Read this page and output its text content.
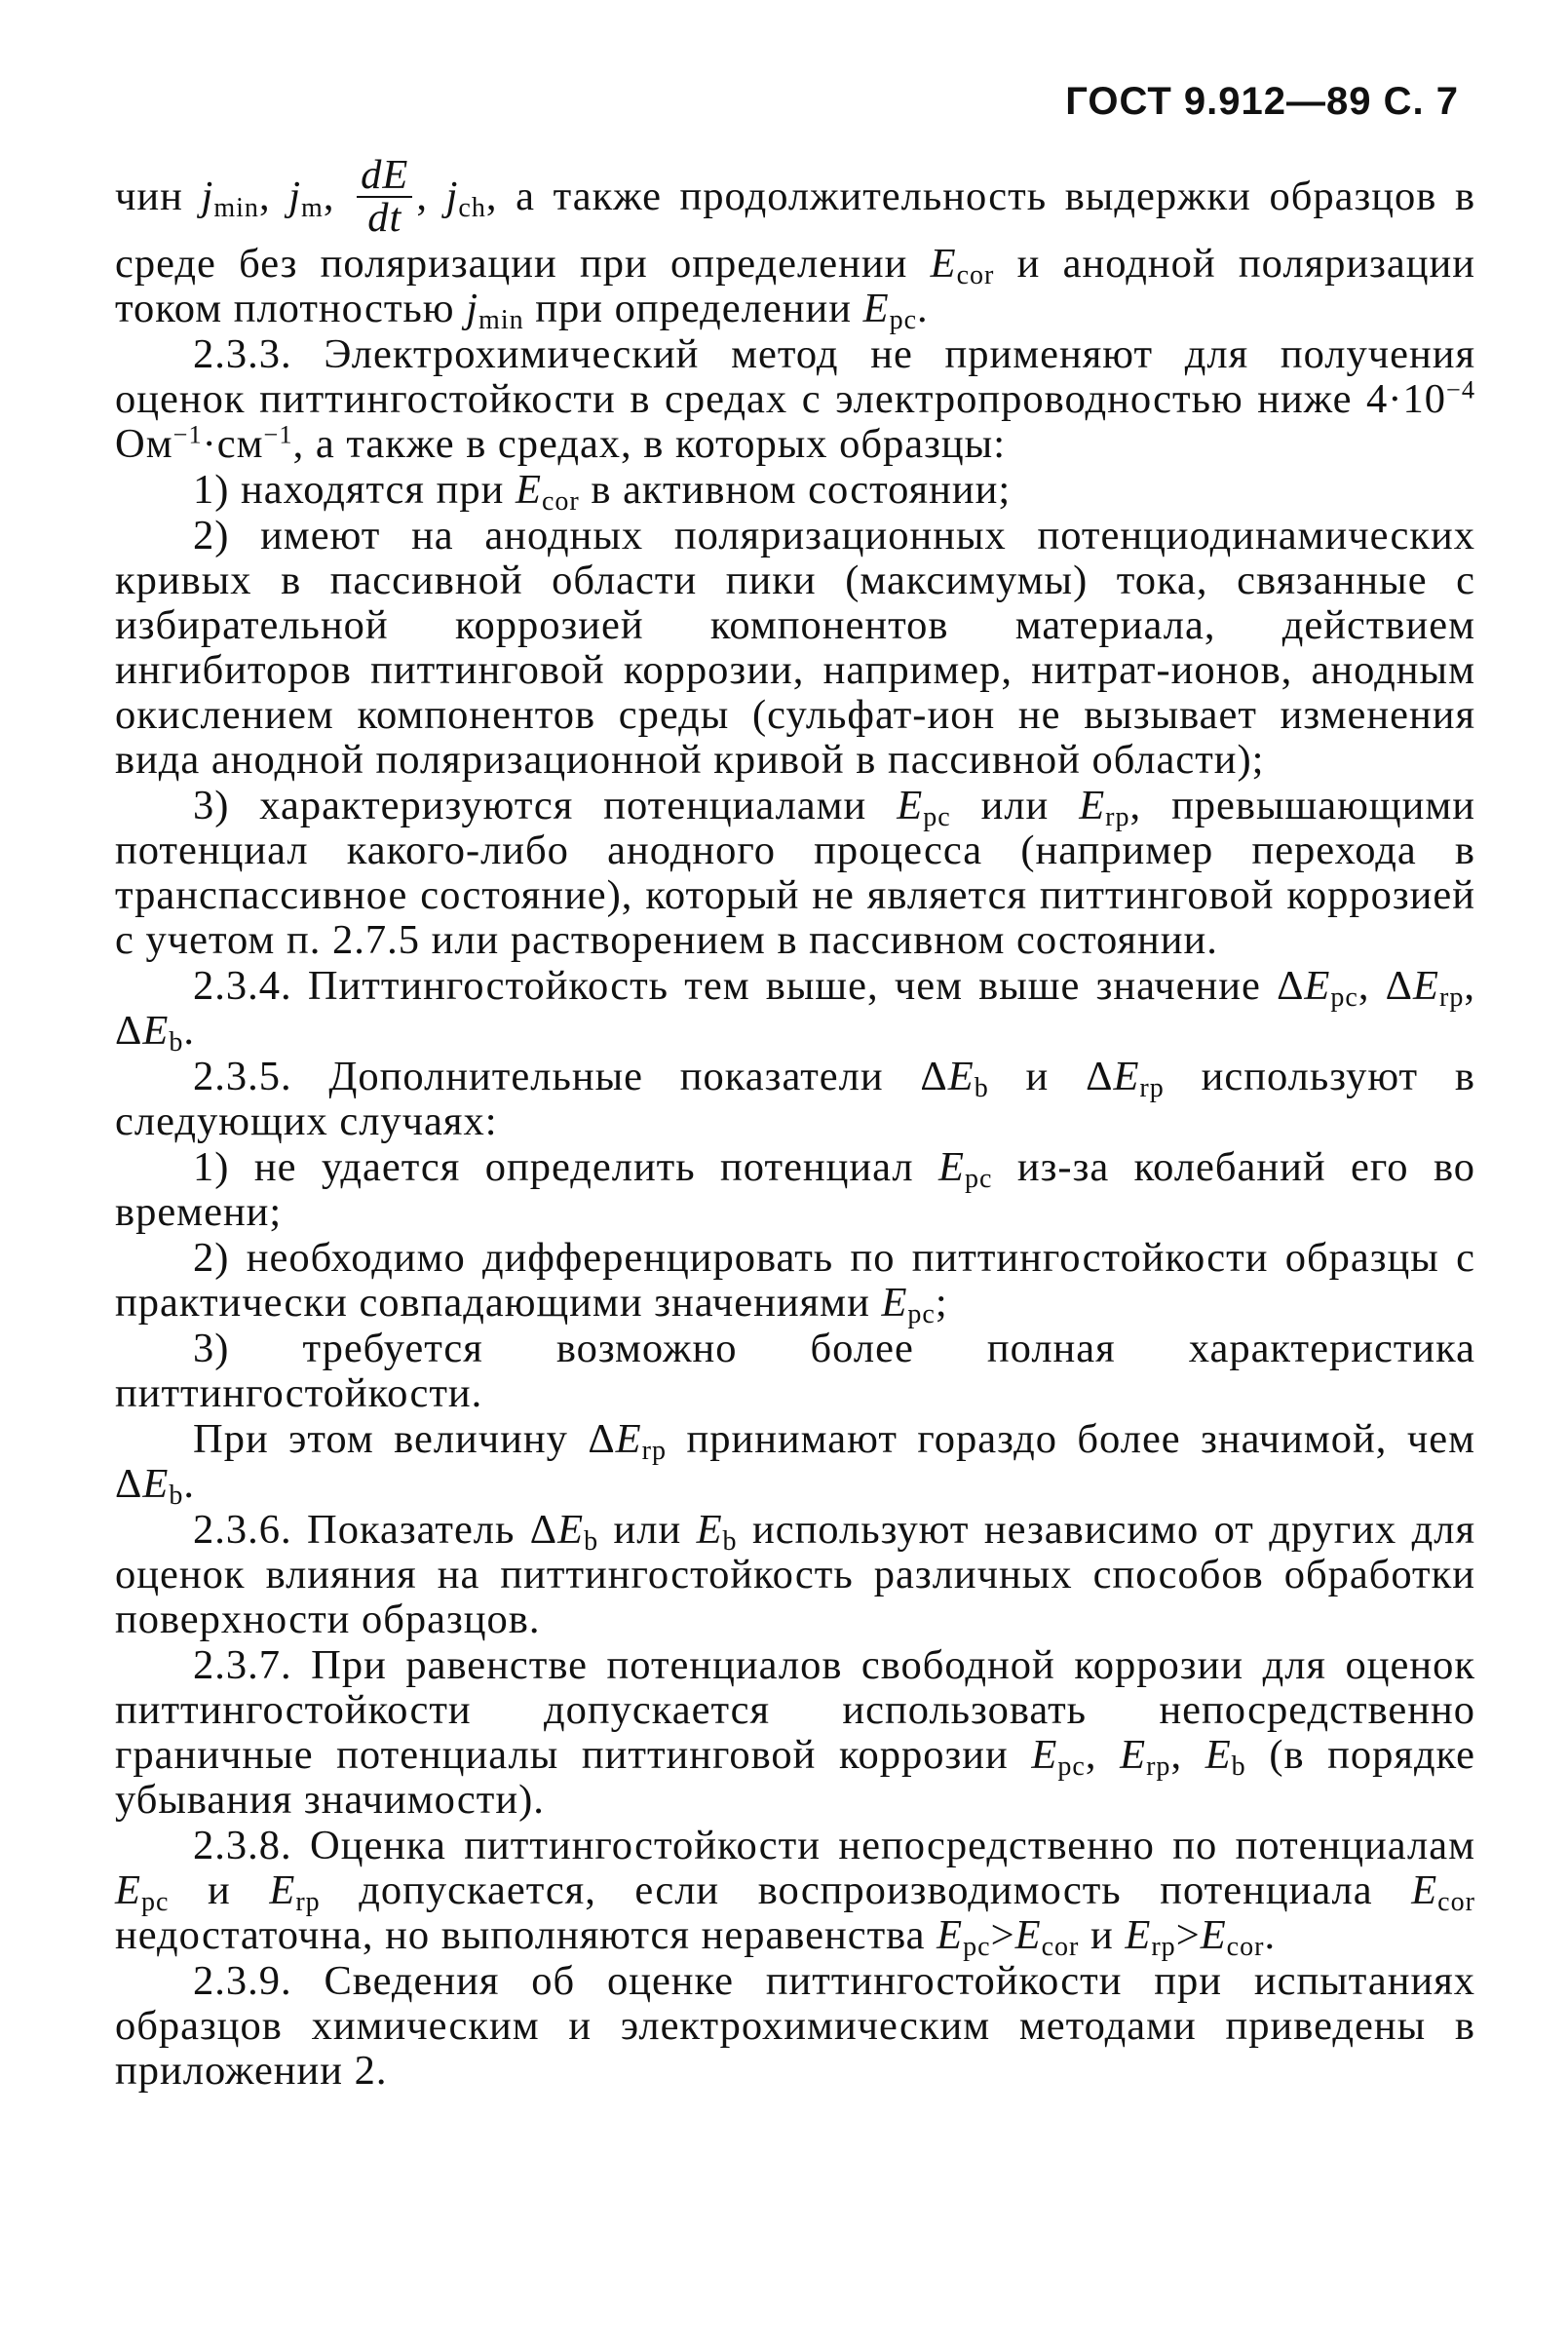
ГОСТ 9.912—89 С. 7

чин $j_{min}$, $j_m$, $\frac{dE}{dt}$ , $j_{ch}$, а также продолжительность выдержки образцов в среде без поляризации при определении $E_{cor}$ и анодной поляризации током плотностью $j_{min}$ при определении $E_{pc}$.

2.3.3. Электрохимический метод не применяют для получения оценок питтингостойкости в средах с электропроводностью ниже $4\cdot 10^{-4}$ $Ом^{-1}\cdot см^{-1}$, а также в средах, в которых образцы:

1) находятся при $E_{cor}$ в активном состоянии;

2) имеют на анодных поляризационных потенциодинамических кривых в пассивной области пики (максимумы) тока, связанные с избирательной коррозией компонентов материала, действием ингибиторов питтинговой коррозии, например, нитрат-ионов, анодным окислением компонентов среды (сульфат-ион не вызывает изменения вида анодной поляризационной кривой в пассивной области);

3) характеризуются потенциалами $E_{pc}$ или $E_{rp}$, превышающими потенциал какого-либо анодного процесса (например перехода в транспассивное состояние), который не является питтинговой коррозией с учетом п. 2.7.5 или растворением в пассивном состоянии.

2.3.4. Питтингостойкость тем выше, чем выше значение $\Delta E_{pc}$, $\Delta E_{rp}$, $\Delta E_b$.

2.3.5. Дополнительные показатели $\Delta E_b$ и $\Delta E_{rp}$ используют в следующих случаях:

1) не удается определить потенциал $E_{pc}$ из-за колебаний его во времени;

2) необходимо дифференцировать по питтингостойкости образцы с практически совпадающими значениями $E_{pc}$;

3) требуется возможно более полная характеристика питтингостойкости.

При этом величину $\Delta E_{rp}$ принимают гораздо более значимой, чем $\Delta E_b$.

2.3.6. Показатель $\Delta E_b$ или $E_b$ используют независимо от других для оценок влияния на питтингостойкость различных способов обработки поверхности образцов.

2.3.7. При равенстве потенциалов свободной коррозии для оценок питтингостойкости допускается использовать непосредственно граничные потенциалы питтинговой коррозии $E_{pc}$, $E_{rp}$, $E_b$ (в порядке убывания значимости).

2.3.8. Оценка питтингостойкости непосредственно по потенциалам $E_{pc}$ и $E_{rp}$ допускается, если воспроизводимость потенциала $E_{cor}$ недостаточна, но выполняются неравенства $E_{pc}>E_{cor}$ и $E_{rp}>E_{cor}$.

2.3.9. Сведения об оценке питтингостойкости при испытаниях образцов химическим и электрохимическим методами приведены в приложении 2.
